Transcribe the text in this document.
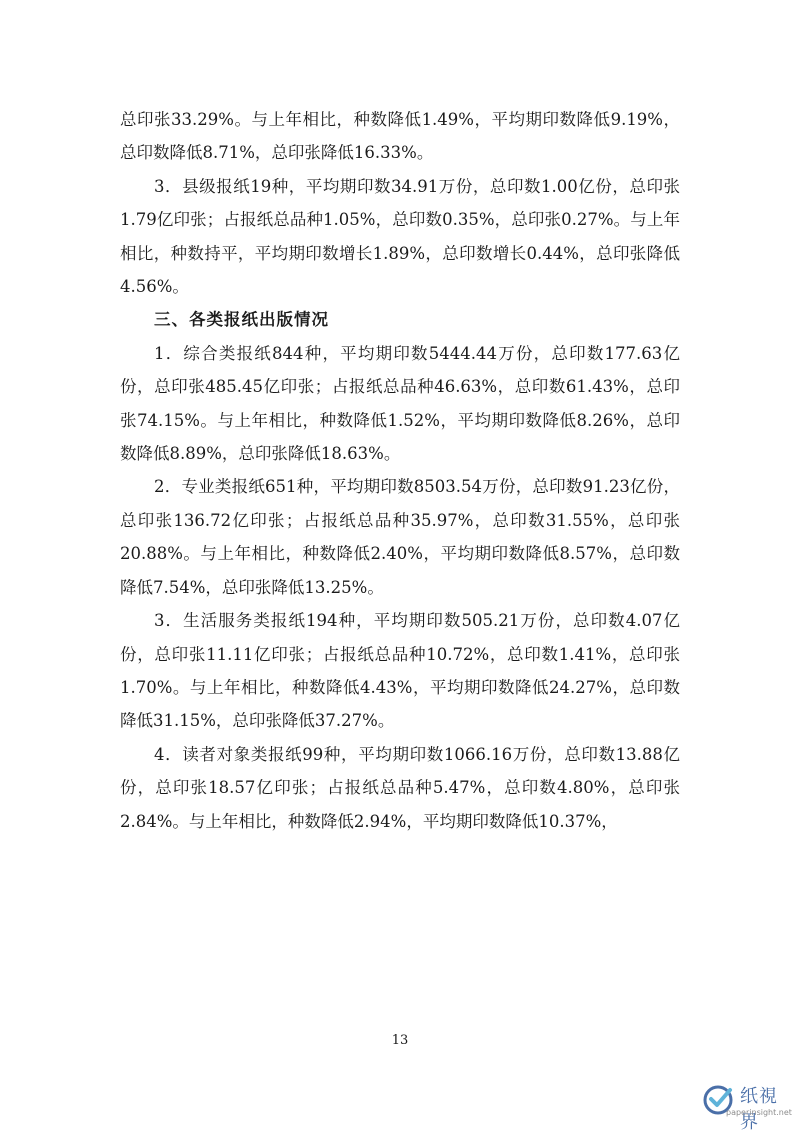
总印张33.29%。与上年相比，种数降低1.49%，平均期印数降低9.19%，总印数降低8.71%，总印张降低16.33%。

3．县级报纸19种，平均期印数34.91万份，总印数1.00亿份，总印张1.79亿印张；占报纸总品种1.05%，总印数0.35%，总印张0.27%。与上年相比，种数持平，平均期印数增长1.89%，总印数增长0.44%，总印张降低4.56%。

三、各类报纸出版情况

1．综合类报纸844种，平均期印数5444.44万份，总印数177.63亿份，总印张485.45亿印张；占报纸总品种46.63%，总印数61.43%，总印张74.15%。与上年相比，种数降低1.52%，平均期印数降低8.26%，总印数降低8.89%，总印张降低18.63%。

2．专业类报纸651种，平均期印数8503.54万份，总印数91.23亿份，总印张136.72亿印张；占报纸总品种35.97%，总印数31.55%，总印张20.88%。与上年相比，种数降低2.40%，平均期印数降低8.57%，总印数降低7.54%，总印张降低13.25%。

3．生活服务类报纸194种，平均期印数505.21万份，总印数4.07亿份，总印张11.11亿印张；占报纸总品种10.72%，总印数1.41%，总印张1.70%。与上年相比，种数降低4.43%，平均期印数降低24.27%，总印数降低31.15%，总印张降低37.27%。

4．读者对象类报纸99种，平均期印数1066.16万份，总印数13.88亿份，总印张18.57亿印张；占报纸总品种5.47%，总印数4.80%，总印张2.84%。与上年相比，种数降低2.94%，平均期印数降低10.37%，

13
纸視界
paperinsight.net
